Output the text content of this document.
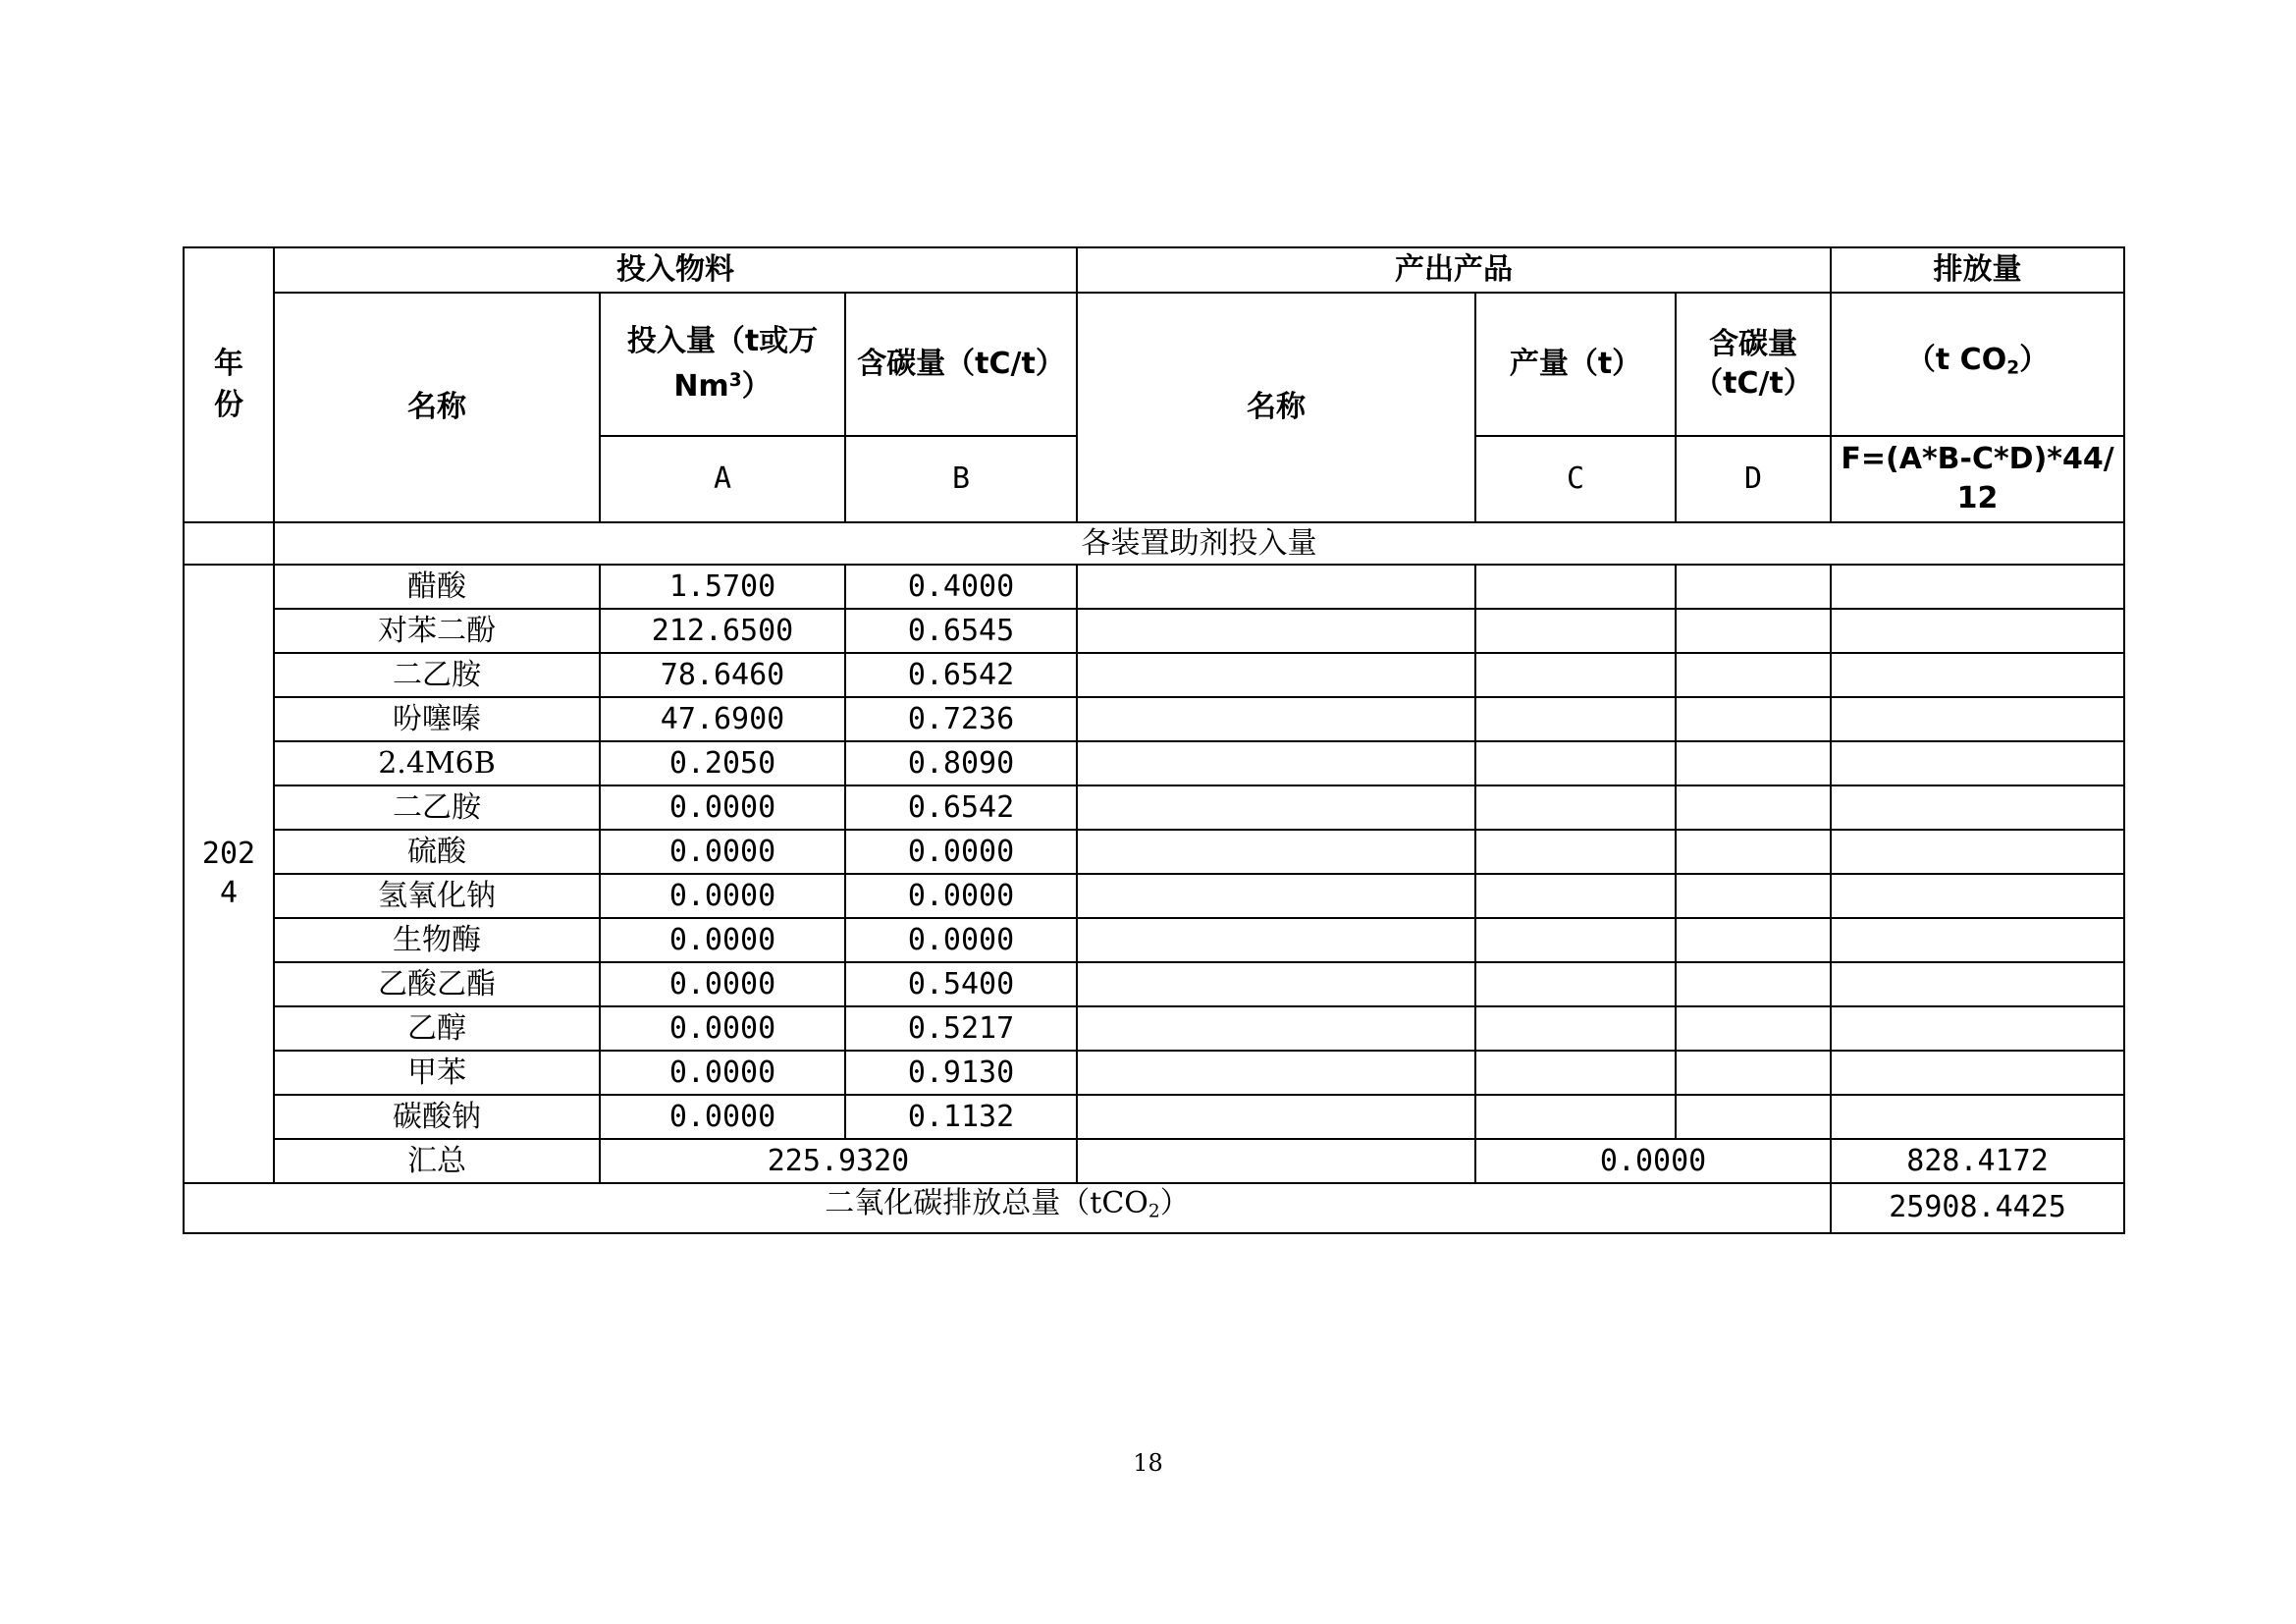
年份	投入物料			产出产品			排放量
	名称	投入量（t或万Nm$^3$）	含碳量（tC/t）	名称	产量（t）	含碳量（tC/t）	（t $CO_2$）
		A	B		C	D	F=(A*B-C*D)*44/12
	各装置助剂投入量						

2024	醋酸	1.5700	0.4000				
	对苯二酚	212.6500	0.6545				
	二乙胺	78.6460	0.6542				
	吩噻嗪	47.6900	0.7236				
	2.4M6B	0.2050	0.8090				
	二乙胺	0.0000	0.6542				
	硫酸	0.0000	0.0000				
	氢氧化钠	0.0000	0.0000				
	生物酶	0.0000	0.0000				
	乙酸乙酯	0.0000	0.5400				
	乙醇	0.0000	0.5217				
	甲苯	0.0000	0.9130				
	碳酸钠	0.0000	0.1132				
	汇总	225.9320			0.0000		828.4172
二氧化碳排放总量（tCO$_2$）							25908.4425
18
